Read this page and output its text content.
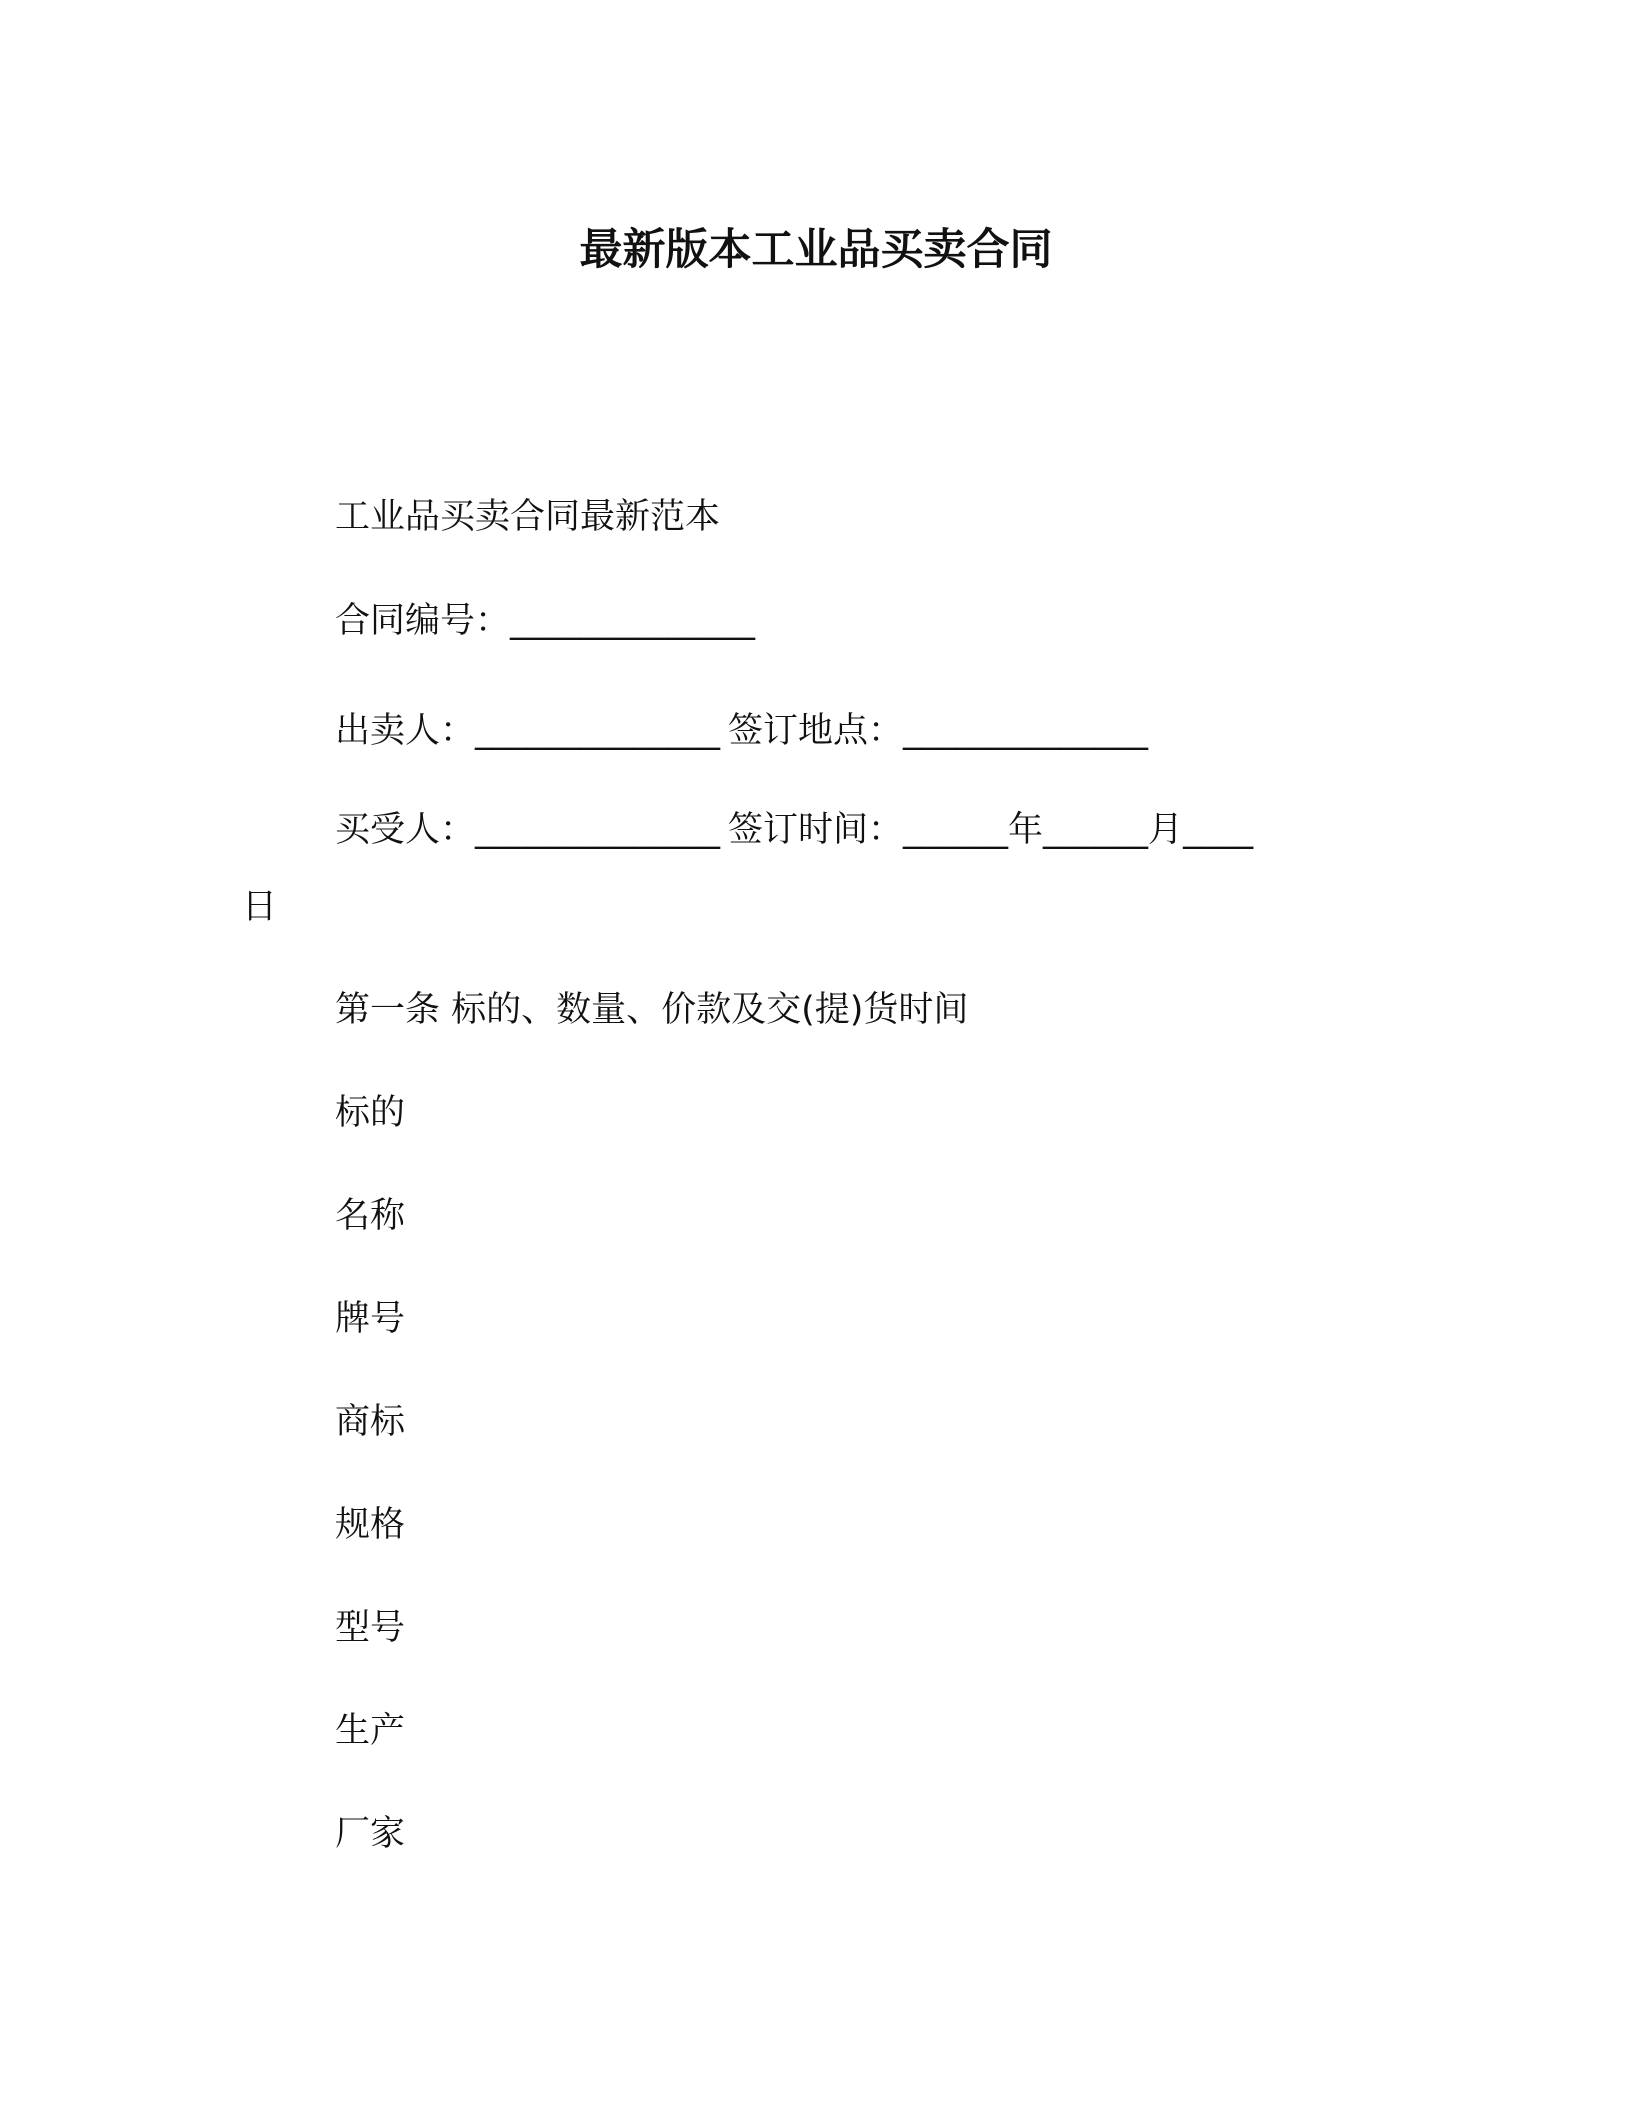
最新版本工业品买卖合同
工业品买卖合同最新范本
合同编号：______________
出卖人：______________ 签订地点：______________
买受人：______________ 签订时间：______年______月____
日
第一条 标的、数量、价款及交(提)货时间
标的
名称
牌号
商标
规格
型号
生产
厂家
